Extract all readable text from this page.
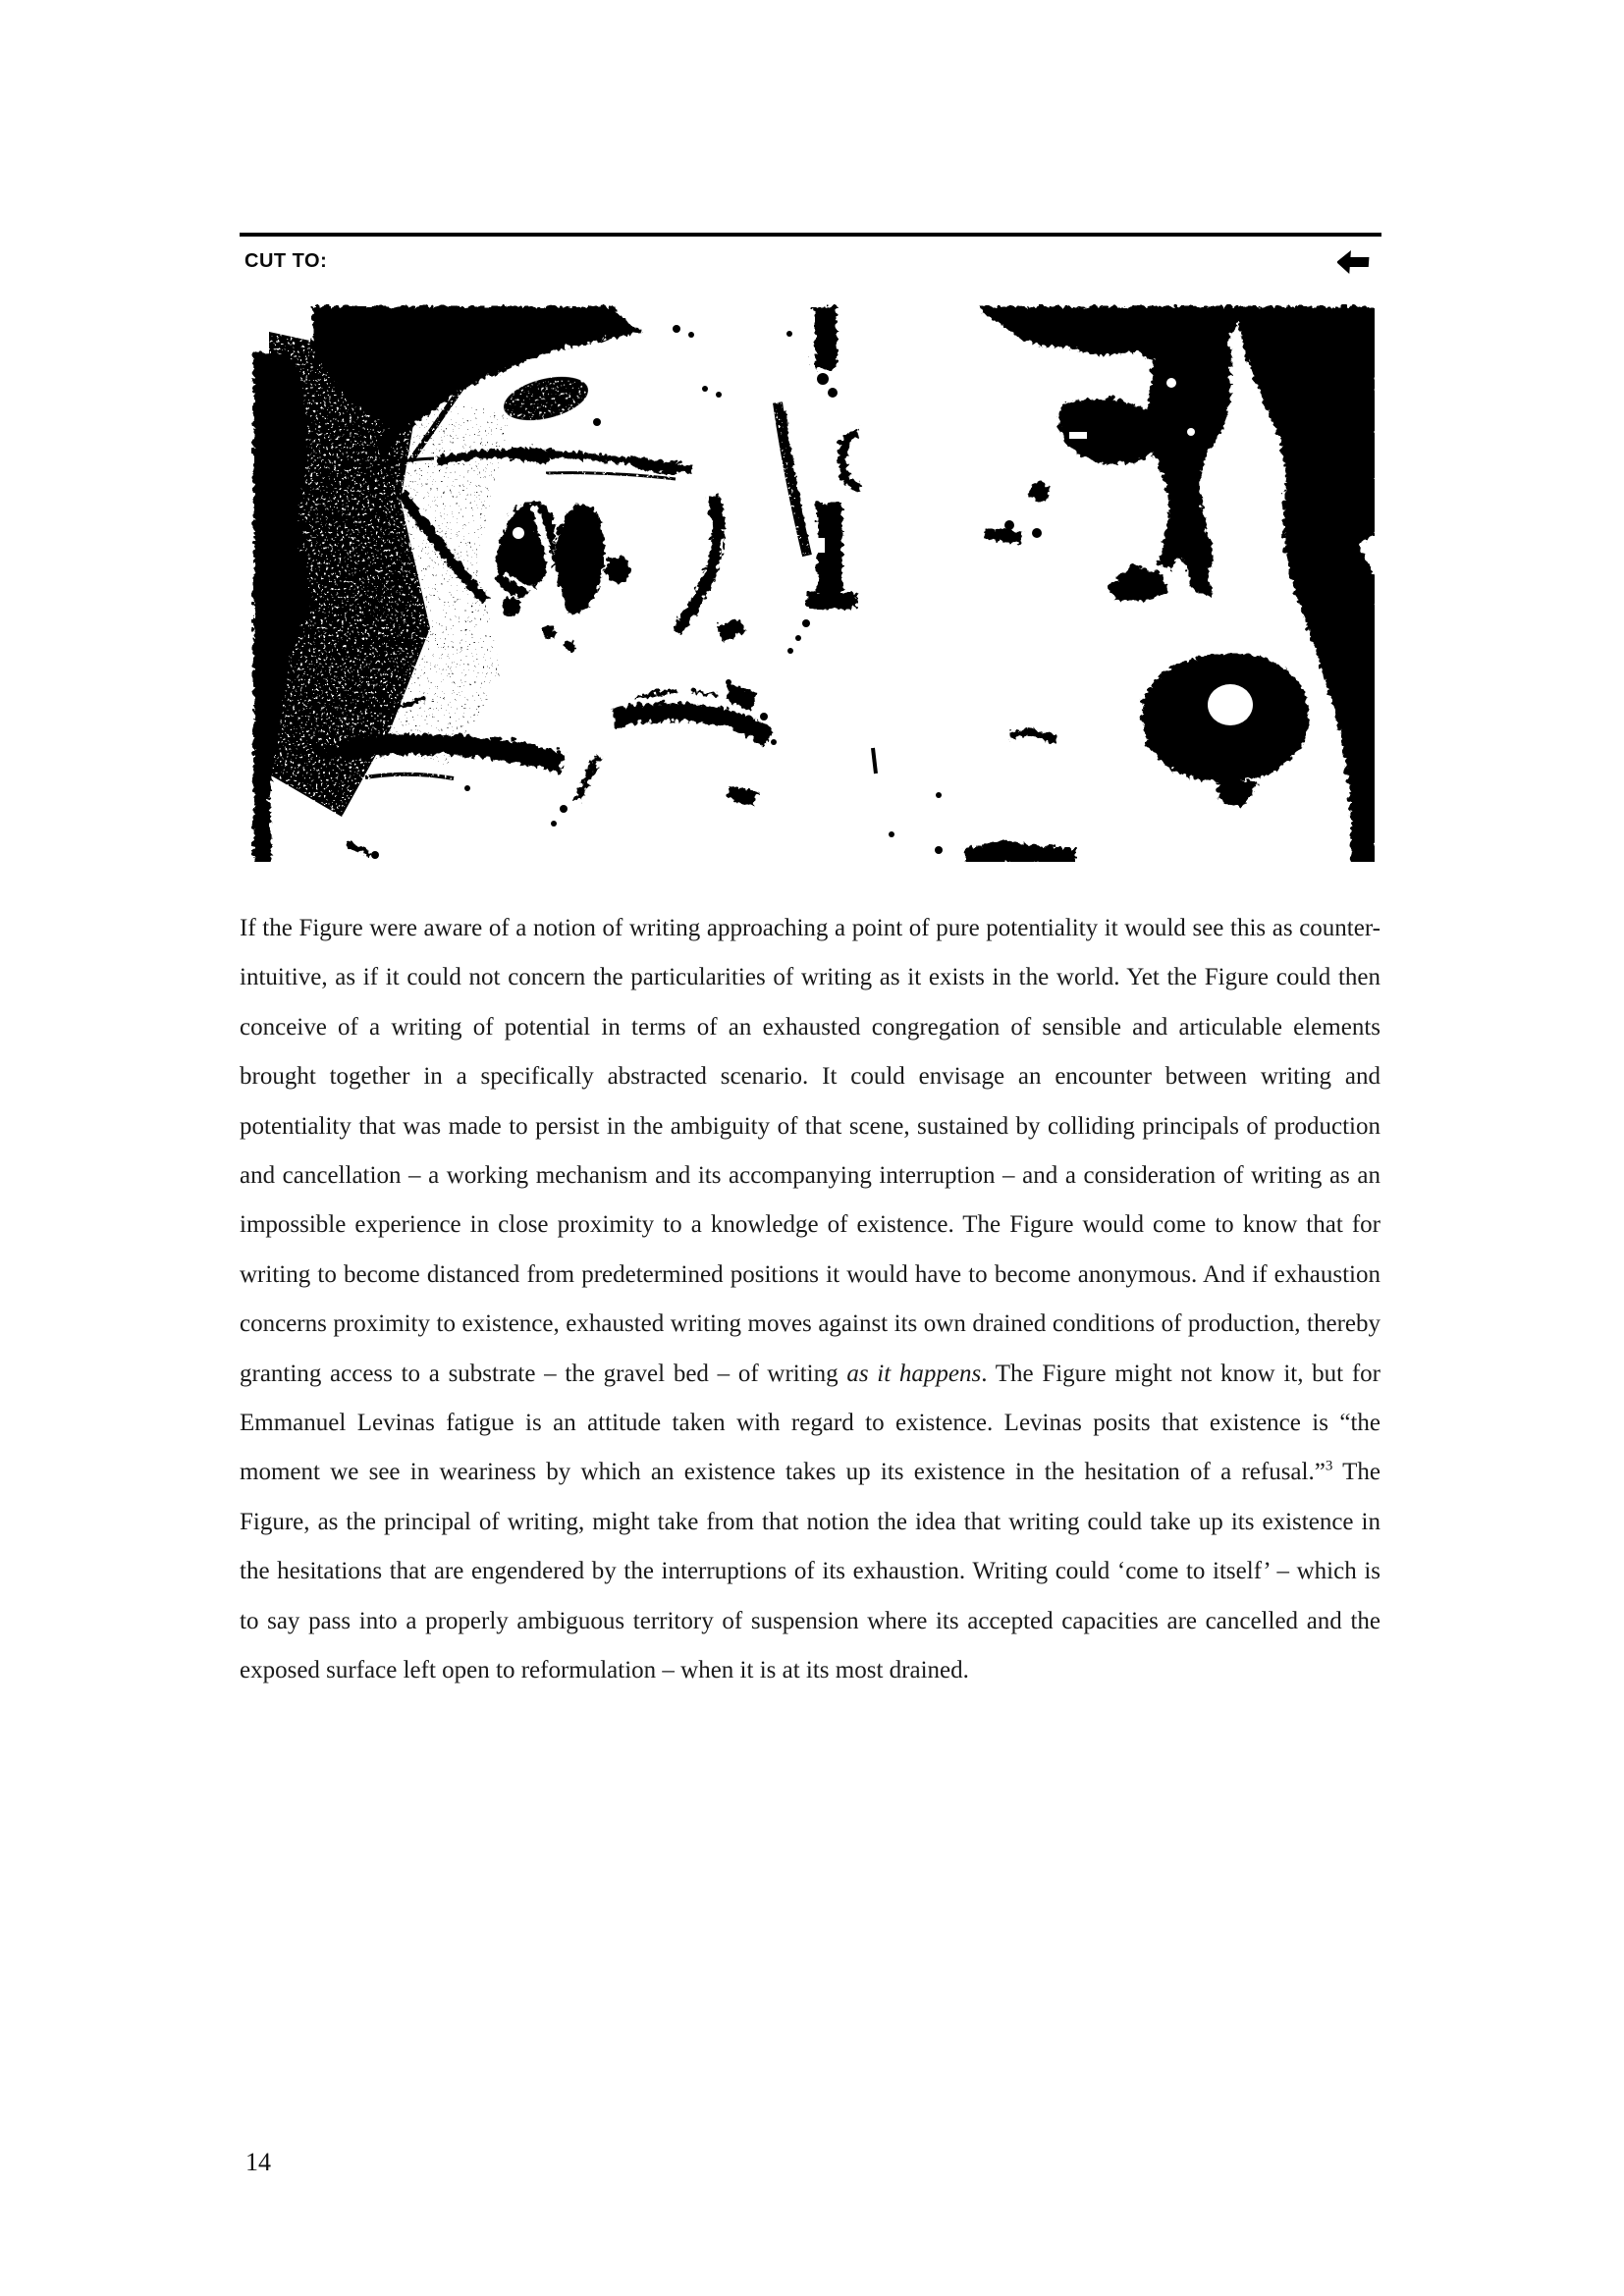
CUT TO:

If the Figure were aware of a notion of writing approaching a point of pure potentiality it would see this as counter-intuitive, as if it could not concern the particularities of writing as it exists in the world. Yet the Figure could then conceive of a writing of potential in terms of an exhausted congregation of sensible and articulable elements brought together in a specifically abstracted scenario. It could envisage an encounter between writing and potentiality that was made to persist in the ambiguity of that scene, sustained by colliding principals of production and cancellation – a working mechanism and its accompanying interruption – and a consideration of writing as an impossible experience in close proximity to a knowledge of existence. The Figure would come to know that for writing to become distanced from predetermined positions it would have to become anonymous. And if exhaustion concerns proximity to existence, exhausted writing moves against its own drained conditions of production, thereby granting access to a substrate – the gravel bed – of writing as it happens. The Figure might not know it, but for Emmanuel Levinas fatigue is an attitude taken with regard to existence. Levinas posits that existence is “the moment we see in weariness by which an existence takes up its existence in the hesitation of a refusal.”$^3$ The Figure, as the principal of writing, might take from that notion the idea that writing could take up its existence in the hesitations that are engendered by the interruptions of its exhaustion. Writing could ‘come to itself’ – which is to say pass into a properly ambiguous territory of suspension where its accepted capacities are cancelled and the exposed surface left open to reformulation – when it is at its most drained.

14
